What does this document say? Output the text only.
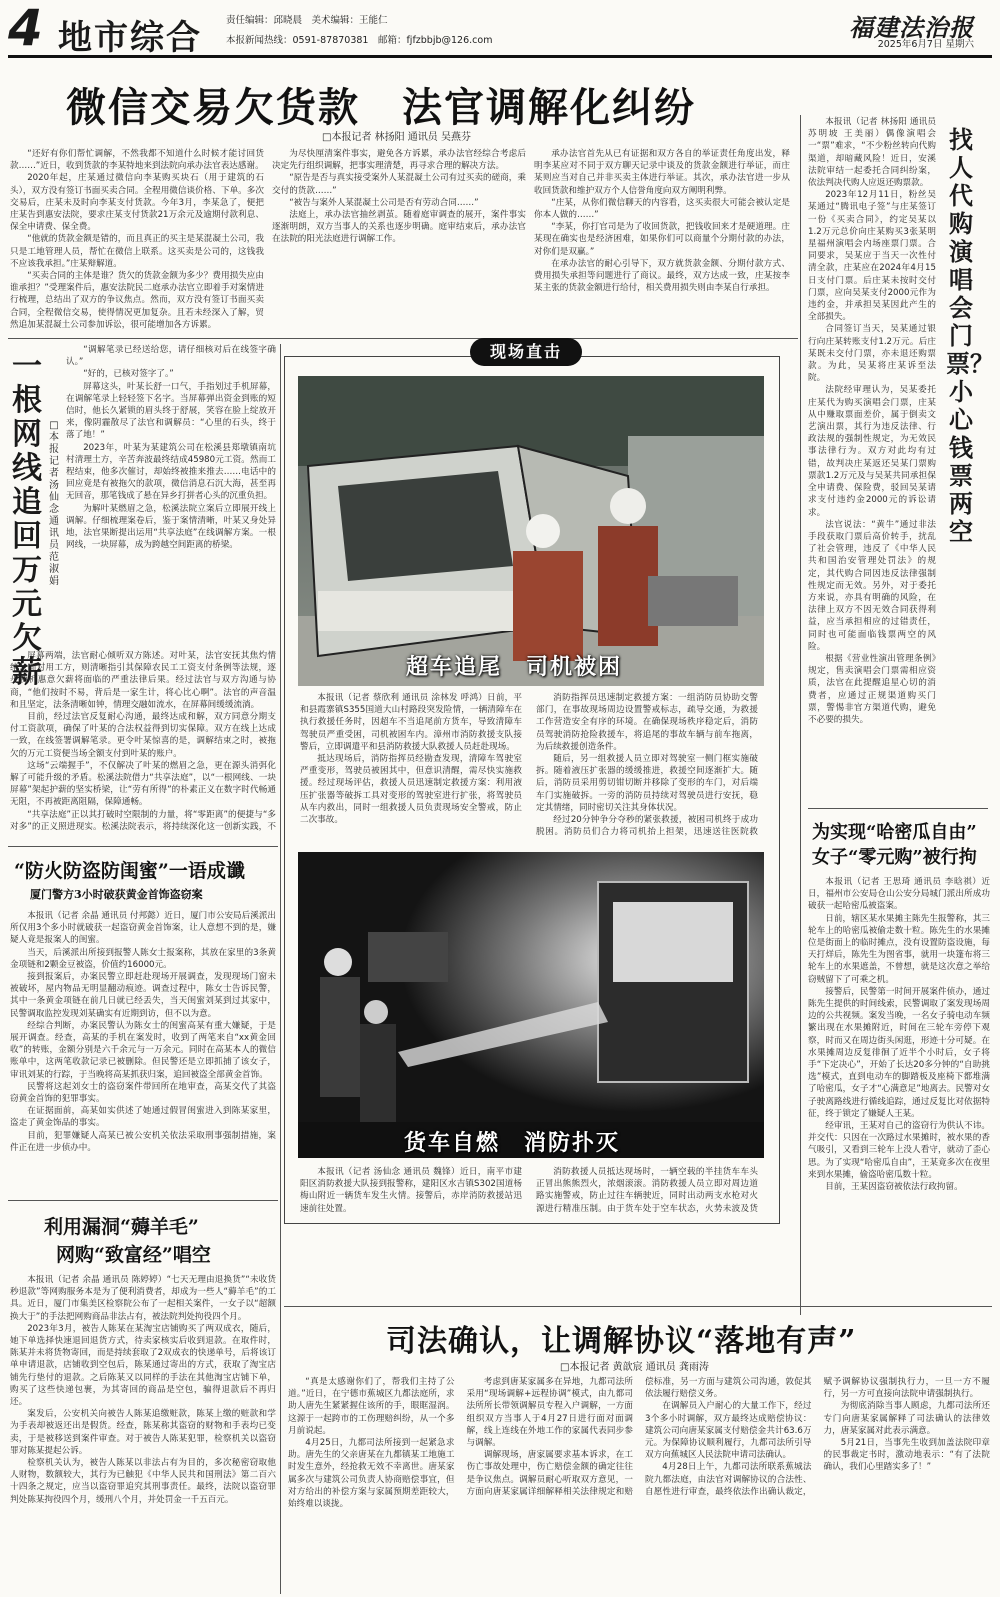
4 地市综合	责任编辑：邱晓晨　美术编辑：王能仁
本报新闻热线：0591-87870381　邮箱：fjfzbbjb@126.com	福建法治报
2025年6月7日 星期六
微信交易欠货款　法官调解化纠纷
□本报记者 林扬阳 通讯员 吴燕芬

“还好有你们帮忙调解，不然我都不知道什么时候才能讨回货款……”近日，收到货款的李某特地来到法院向承办法官表达感谢。

2020年起，庄某通过微信向李某购买块石（用于建筑的石头），双方没有签订书面买卖合同。全程用微信谈价格、下单。多次交易后，庄某未及时向李某支付货款。今年3月，李某急了，便把庄某告到惠安法院，要求庄某支付货款21万余元及逾期付款利息、保全申请费、保全费。

“他就的货款金额是错的，而且真正的买主是某混凝土公司，我只是工地管理人员，帮忙在微信上联系。这买卖是公司的，这钱我不应该我承担。”庄某辩解道。

“买卖合同的主体是谁？货欠的货款金额为多少？费用损失应由谁承担？”受理案件后，惠安法院民二庭承办法官立即着手对案情进行梳理，总结出了双方的争议焦点。然而，双方没有签订书面买卖合同，全程微信交易，使得情况更加复杂。且若未经深入了解，贸然追加某混凝土公司参加诉讼，很可能增加各方诉累。

为尽快厘清案件事实，避免各方诉累，承办法官经综合考虑后决定先行组织调解，把事实理清楚，再寻求合理的解决方法。

“原告是否与真实接受案外人某混凝土公司有过买卖的磋商，乘交付的货款……”

“被告与案外人某混凝土公司是否有劳动合同……”

法庭上，承办法官抽丝剥茧。随着庭审调查的展开，案件事实逐渐明朗，双方当事人的关系也逐步明确。庭审结束后，承办法官在法院的阳光法庭进行调解工作。

承办法官首先从已有证据和双方各自的举证责任角度出发，释明李某应对不同于双方聊天记录中谈及的货款金额进行举证，而庄某则应当对自己并非买卖主体进行举证。其次，承办法官进一步从收回货款和维护双方个人信誉角度向双方阐明利弊。

“庄某，从你们微信聊天的内容看，这买卖很大可能会被认定是你本人做的……”

“李某，你打官司是为了收回货款，把钱收回来才是硬道理。庄某现在确实也是经济困难，如果你们可以商量个分期付款的办法，对你们是双赢。”

在承办法官的耐心引导下，双方就货款金额、分期付款方式、费用损失承担等问题进行了商议。最终，双方达成一致，庄某按李某主张的货款金额进行给付，相关费用损失则由李某自行承担。

本报讯（记者 林扬阳 通讯员 苏明坡 王美丽）偶像演唱会一“票”难求，“不少粉丝转向代购渠道，却暗藏风险！近日，安溪法院审结一起委托合同纠纷案，依法判决代购人应返还购票款。

2023年12月11日，粉丝吴某通过“腾讯电子签”与庄某签订一份《买卖合同》，约定吴某以1.2万元总价向庄某购买3张某明星福州演唱会内场座票门票。合同要求，吴某应于当天一次性付清全款，庄某应在2024年4月15日支付门票。后庄某未按时交付门票，应向吴某支付2000元作为违约金，并承担吴某因此产生的全部损失。

合同签订当天，吴某通过银行向庄某转账支付1.2万元。后庄某既未交付门票，亦未退还购票款。为此，吴某将庄某诉至法院。

法院经审理认为，吴某委托庄某代为购买演唱会门票，庄某从中赚取票面差价，属于倒卖文艺演出票，其行为违反法律、行政法规的强制性规定，为无效民事法律行为。双方对此均有过错，故判决庄某返还吴某门票购票款1.2万元及与吴某共同承担保全申请费、保险费，驳回吴某请求支付违约金2000元的诉讼请求。

法官说法：“黄牛”通过非法手段获取门票后高价转手，扰乱了社会管理，违反了《中华人民共和国治安管理处罚法》的规定，其代购合同因违反法律强制性规定而无效。另外，对于委托方来说，亦具有明确的风险，在法律上双方不因无效合同获得利益，应当承担相应的过错责任，同时也可能面临钱票两空的风险。

根据《营业性演出管理条例》规定，售卖演唱会门票需相应资质，法官在此提醒追星心切的消费者，应通过正规渠道购买门票，警惕非官方渠道代购，避免不必要的损失。

找人代购演唱会门票？小心钱票两空
为实现“哈密瓜自由”
女子“零元购”被行拘

本报讯（记者 王思琦 通讯员 李晗祺）近日，福州市公安局仓山公安分局城门派出所成功破获一起哈密瓜被盗案。

日前，辖区某水果摊主陈先生报警称，其三轮车上的哈密瓜被偷走数十粒。陈先生的水果摊位是街面上的临时摊点，没有设置防盗设施，每天打烊后，陈先生为图省事，就用一块篷布将三轮车上的水果遮盖，不曾想，就是这次意之举给窃贼留下了可乘之机。

接警后，民警第一时间开展案件侦办，通过陈先生提供的时间线索，民警调取了案发现场周边的公共视频。案发当晚，一名女子骑电动车频繁出现在水果摊附近，时间在三轮车旁停下观察，时而又在周边街头闲逛，形迹十分可疑。在水果摊周边反复徘徊了近半个小时后，女子将手“下定决心”，开始了长达20多分钟的“自助挑选”模式，直到电动车的脚踏板及座椅下都堆满了哈密瓜，女子才“心满意足”地离去。民警对女子驶离路线进行循线追踪，通过反复比对依据特征，终于锁定了嫌疑人王某。

经审讯，王某对自己的盗窃行为供认不讳。并交代：只因在一次路过水果摊时，被水果的香气吸引，又看到三轮车上没人看守，就动了歪心思。为了实现“哈密瓜自由”，王某竟多次在夜里来到水果摊，偷盗哈密瓜数十粒。

目前，王某因盗窃被依法行政拘留。

一根网线追回万元欠薪
□本报记者 汤仙念 通讯员 范淑娟

“调解笔录已经送给您，请仔细核对后在线签字确认。”

“好的，已核对签字了。”

屏幕这头，叶某长舒一口气，手指划过手机屏幕，在调解笔录上轻轻签下名字。当屏幕弹出资金到账的短信时，他长久紧锁的眉头终于舒展，笑容在脸上绽放开来，像阴霾散尽了法官和调解员：“心里的石头，终于落了地！”

2023年，叶某为某建筑公司在松溪县郑墩镇南坑村清理土方，辛苦奔波最终结成45980元工资。然而工程结束，他多次催讨，却始终被推来推去……电话中的回应竟是有被拖欠的款项，微信消息石沉大海，甚至再无回音，那笔钱成了悬在异乡打拼者心头的沉重负担。

为解叶某燃眉之急，松溪法院立案后立即展开线上调解。仔细梳理案卷后，鉴于案情清晰，叶某又身处异地，法官果断提出运用“共享法庭”在线调解方案。一根网线，一块屏幕，成为跨越空间距离的桥梁。

屏幕两端，法官耐心倾听双方陈述。对叶某，法官安抚其焦灼情绪；面对用工方，则清晰指引其保障农民工工资支付条例等法规，逐步使析惠意欠薪将面临的严重法律后果。经过法官与双方沟通与协商，“他们按时不易，背后是一家生计，将心比心啊”。法官的声音温和且坚定，法条清晰如钟，情理交融如流水，在屏幕间缓缓流淌。

目前，经过法官反复耐心沟通，最终达成和解，双方同意分期支付工资款项，确保了叶某的合法权益得到切实保障。双方在线上达成一致，在线签署调解笔录。更令叶某惊喜的是，调解结束之时，被拖欠的万元工资便当场全额支付到叶某的账户。

这场“云端握手”，不仅解决了叶某的燃眉之急，更在源头消弭化解了可能升级的矛盾。松溪法院借力“共享法庭”，以“一根网线、一块屏幕”架起护薪的坚实桥梁，让“劳有所得”的朴素正义在数字时代畅通无阻，不再被距离阻隔，保障通畅。

“共享法庭”正以其打破时空限制的力量，将“零距离”的便捷与“多对多”的正义照进现实。松溪法院表示，将持续深化这一创新实践，不

“防火防盗防闺蜜”一语成谶
厦门警方3小时破获黄金首饰盗窃案

本报讯（记者 余晶 通讯员 付邦懿）近日，厦门市公安局后溪派出所仅用3个多小时就破获一起盗窃黄金首饰案，让人意想不到的是，嫌疑人竟是报案人的闺蜜。

当天，后溪派出所接到报警人陈女士报案称，其放在家里的3条黄金项链和2颗金豆被盗，价值约16000元。

接到报案后，办案民警立即赶赴现场开展调查，发现现场门窗未被破坏，屋内物品无明显翻动痕迹。调查过程中，陈女士告诉民警，其中一条黄金项链在前几日就已经丢失，当天闺蜜刘某到过其家中，民警调取监控发现刘某确实有近期到访，但不以为意。

经综合判断，办案民警认为陈女士的闺蜜高某有重大嫌疑，于是展开调查。经查，高某的手机在案发时，收到了两笔来自“xx黄金回收”的转账，金额分别是六千余元与一万余元。同时在高某本人的微信账单中，这两笔收款记录已被删除。但民警还是立即抓捕了该女子，审讯刘某的行踪，于当晚将高某抓获归案，追回被盗全部黄金首饰。

民警将这起刘女士的盗窃案件带回所在地审查，高某交代了其盗窃黄金首饰的犯罪事实。

在证据面前，高某如实供述了她通过假冒闺蜜进入到陈某家里，盗走了黄金饰品的事实。

目前，犯罪嫌疑人高某已被公安机关依法采取刑事强制措施，案件正在进一步侦办中。

利用漏洞“薅羊毛”
网购“致富经”唱空

本报讯（记者 余晶 通讯员 陈婷婷）“七天无理由退换货”“未收货秒退款”等网购服务本是为了便利消费者，却成为一些人“薅羊毛”的工具。近日，厦门市集美区检察院公布了一起相关案件，一女子以“超额换大于”的手法把网购商品非法占有，被法院判处拘役四个月。

2023年3月，被告人陈某在某淘宝店铺购买了两双成衣，随后，她下单选择快速退回退货方式，待卖家核实后收到退款。在取件时，陈某并未将货物寄回，而是持续套取了2双成衣的快递单号，后将该订单申请退款，店铺收到空包后，陈某通过寄出的方式，获取了淘宝店铺先行垫付的退款。之后陈某又以同样的手法在其他淘宝店铺下单，购买了这些快递包裹，为其寄回的商品是空包，骗得退款后不再归还。

案发后，公安机关向被告人陈某追缴赃款，陈某上缴的赃款和学为手表却被返还出是假货。经查，陈某称其盗窃的财物和手表均已变卖，于是被移送到案件审查。对于被告人陈某犯罪，检察机关以盗窃罪对陈某提起公诉。

检察机关认为，被告人陈某以非法占有为目的，多次秘密窃取他人财物，数额较大，其行为已触犯《中华人民共和国刑法》第二百六十四条之规定，应当以盗窃罪追究其刑事责任。最终，法院以盗窃罪判处陈某拘役四个月，缓刑八个月，并处罚金一千五百元。

现场直击
超车追尾　司机被困

本报讯（记者 蔡欣利 通讯员 涂林发 呼鸿）日前，平和县霞寨镇S355国道大山村路段突发险情，一辆清障车在执行救援任务时，因超车不当追尾前方货车，导致清障车驾驶员严重受困，司机被困车内。漳州市消防救援支队接警后，立即调遣平和县消防救援大队救援人员赶赴现场。

抵达现场后，消防指挥员经勘查发现，清障车驾驶室严重变形，驾驶员被困其中，但意识清醒，需尽快实施救援。经过现场评估，救援人员迅速制定救援方案：利用液压扩张器等破拆工具对变形的驾驶室进行扩张，将驾驶员从车内救出，同时一组救援人员负责现场安全警戒，防止二次事故。

消防指挥员迅速制定救援方案：一组消防员协助交警部门，在事故现场周边设置警戒标志，疏导交通，为救援工作营造安全有序的环境。在确保现场秩序稳定后，消防员驾驶消防抢险救援车，将追尾的事故车辆与前车拖离，为后续救援创造条件。

随后，另一组救援人员立即对驾驶室一侧门框实施破拆。随着液压扩张器的缓缓推进，救援空间逐渐扩大。随后，消防员采用剪切钳切断并移除了变形的车门，对后端车门实施破拆。一旁的消防员持续对驾驶员进行安抚，稳定其情绪，同时密切关注其身体状况。

经过20分钟争分夺秒的紧张救援，被困司机终于成功脱困。消防员们合力将司机抬上担架，迅速送往医院救

货车自燃　消防扑灭

本报讯（记者 汤仙念 通讯员 魏锋）近日，南平市建阳区消防救援大队接到报警称，建阳区水吉镇S302国道杨梅山附近一辆货车发生火情。接警后，赤岸消防救援站迅速前往处置。

消防救援人员抵达现场时，一辆空载的半挂货车车头正冒出熊熊烈火，浓烟滚滚。消防救援人员立即对周边道路实施警戒，防止过往车辆驶近，同时出动两支水枪对火源进行精准压制。由于货车处于空车状态，火势未波及货

司法确认，让调解协议“落地有声”
□本报记者 黄歆宸 通讯员 龚雨涛

“真是太感谢你们了，帮我们主持了公道。”近日，在宁德市蕉城区九都法庭所，求助人唐先生紧紧握住该所的手，眼眶湿润。这源于一起跨市的工伤理赔纠纷，从一个多月前说起。

4月25日，九都司法所接到一起紧急求助。唐先生的父亲唐某在九都镇某工地施工时发生意外，经抢救无效不幸离世。唐某家属多次与建筑公司负责人协商赔偿事宜，但对方给出的补偿方案与家属预期差距较大，始终难以谈拢。

考虑到唐某家属多在异地，九都司法所采用“现场调解+远程协调”模式，由九都司法所所长带领调解员专程入户调解，一方面组织双方当事人于4月27日进行面对面调解，线上连线在外地工作的家属代表同步参与调解。

调解现场，唐家属要求基本诉求，在工伤亡事故处理中，伤亡赔偿金额的确定往往是争议焦点。调解员耐心听取双方意见，一方面向唐某家属详细解释相关法律规定和赔偿标准，另一方面与建筑公司沟通，敦促其依法履行赔偿义务。

在调解员入户耐心的大量工作下，经过3个多小时调解，双方最终达成赔偿协议：建筑公司向唐某家属支付赔偿金共计63.6万元。为保障协议顺利履行，九都司法所引导双方向蕉城区人民法院申请司法确认。

4月28日上午，九都司法所联系蕉城法院九都法庭，由法官对调解协议的合法性、自愿性进行审查，最终依法作出确认裁定，赋予调解协议强制执行力，一旦一方不履行，另一方可直接向法院申请强制执行。

为彻底消除当事人顾虑，九都司法所还专门向唐某家属解释了司法确认的法律效力，唐某家属对此表示满意。

5月21日，当事先生收到加盖法院印章的民事裁定书时，激动地表示：“有了法院确认，我们心里踏实多了！”
